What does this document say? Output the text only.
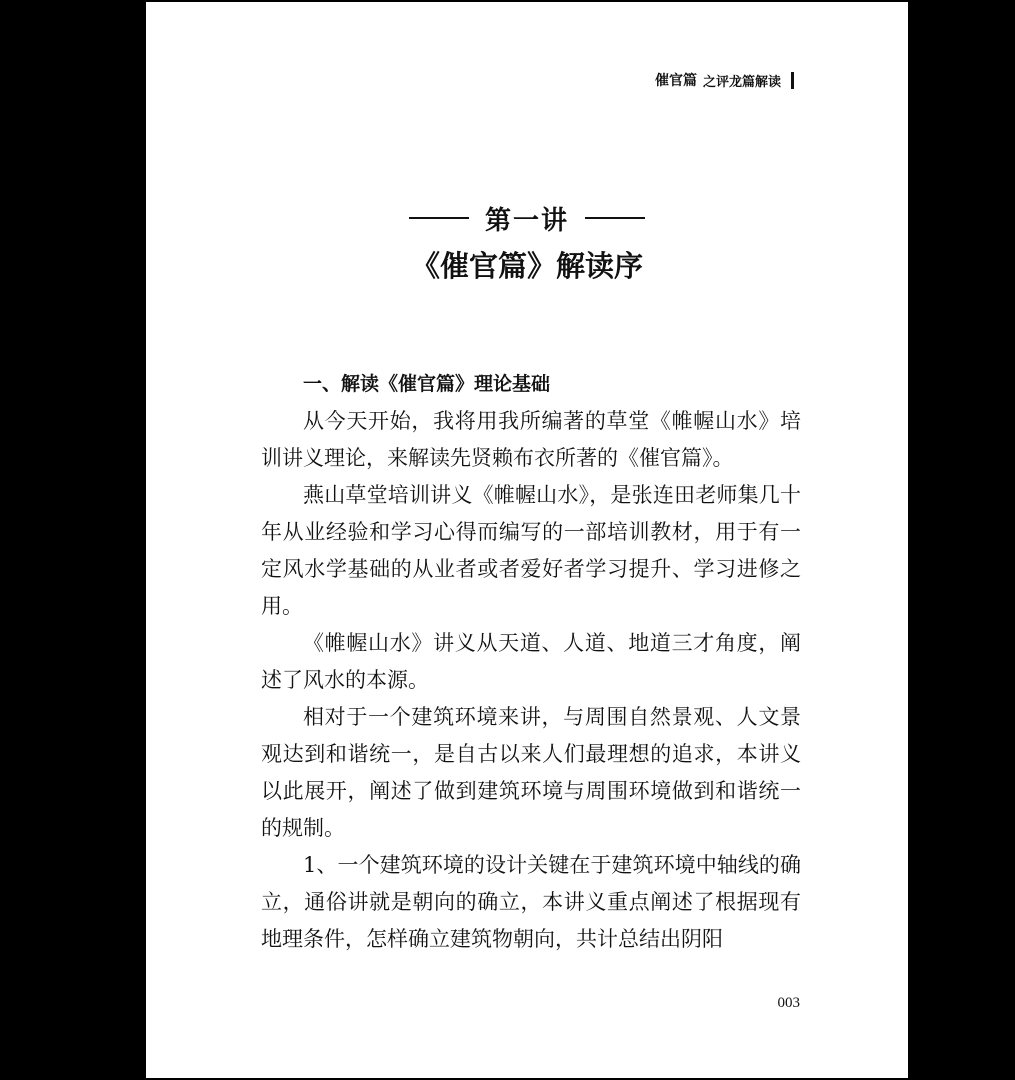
催官篇 之评龙篇解读
第一讲
《催官篇》解读序
一、解读《催官篇》理论基础

从今天开始，我将用我所编著的草堂《帷幄山水》培训讲义理论，来解读先贤赖布衣所著的《催官篇》。

燕山草堂培训讲义《帷幄山水》，是张连田老师集几十年从业经验和学习心得而编写的一部培训教材，用于有一定风水学基础的从业者或者爱好者学习提升、学习进修之用。

《帷幄山水》讲义从天道、人道、地道三才角度，阐述了风水的本源。

相对于一个建筑环境来讲，与周围自然景观、人文景观达到和谐统一，是自古以来人们最理想的追求，本讲义以此展开，阐述了做到建筑环境与周围环境做到和谐统一的规制。

1、一个建筑环境的设计关键在于建筑环境中轴线的确立，通俗讲就是朝向的确立，本讲义重点阐述了根据现有地理条件，怎样确立建筑物朝向，共计总结出阴阳

003
